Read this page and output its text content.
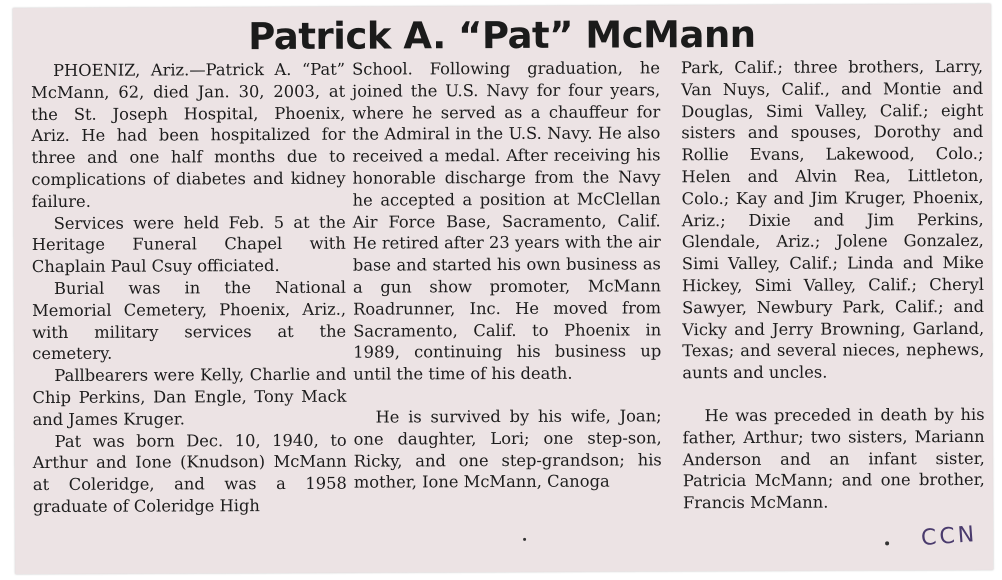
Patrick A. “Pat” McMann

PHOENIZ, Ariz.—Patrick A. “Pat” McMann, 62, died Jan. 30, 2003, at the St. Joseph Hospital, Phoenix, Ariz. He had been hospitalized for three and one half months due to complications of diabetes and kidney failure.

Services were held Feb. 5 at the Heritage Funeral Chapel with Chaplain Paul Csuy officiated.

Burial was in the National Memorial Cemetery, Phoenix, Ariz., with military services at the cemetery.

Pallbearers were Kelly, Charlie and Chip Perkins, Dan Engle, Tony Mack and James Kruger.

Pat was born Dec. 10, 1940, to Arthur and Ione (Knudson) McMann at Coleridge, and was a 1958 graduate of Coleridge High

School. Following graduation, he joined the U.S. Navy for four years, where he served as a chauffeur for the Admiral in the U.S. Navy. He also received a medal. After receiving his honorable discharge from the Navy he accepted a position at McClellan Air Force Base, Sacramento, Calif. He retired after 23 years with the air base and started his own business as a gun show promoter, McMann Roadrunner, Inc. He moved from Sacramento, Calif. to Phoenix in 1989, continuing his business up until the time of his death.

He is survived by his wife, Joan; one daughter, Lori; one step-son, Ricky, and one step-grandson; his mother, Ione McMann, Canoga

Park, Calif.; three brothers, Larry, Van Nuys, Calif., and Montie and Douglas, Simi Valley, Calif.; eight sisters and spouses, Dorothy and Rollie Evans, Lakewood, Colo.; Helen and Alvin Rea, Littleton, Colo.; Kay and Jim Kruger, Phoenix, Ariz.; Dixie and Jim Perkins, Glendale, Ariz.; Jolene Gonzalez, Simi Valley, Calif.; Linda and Mike Hickey, Simi Valley, Calif.; Cheryl Sawyer, Newbury Park, Calif.; and Vicky and Jerry Browning, Garland, Texas; and several nieces, nephews, aunts and uncles.

He was preceded in death by his father, Arthur; two sisters, Mariann Anderson and an infant sister, Patricia McMann; and one brother, Francis McMann.

CCN
